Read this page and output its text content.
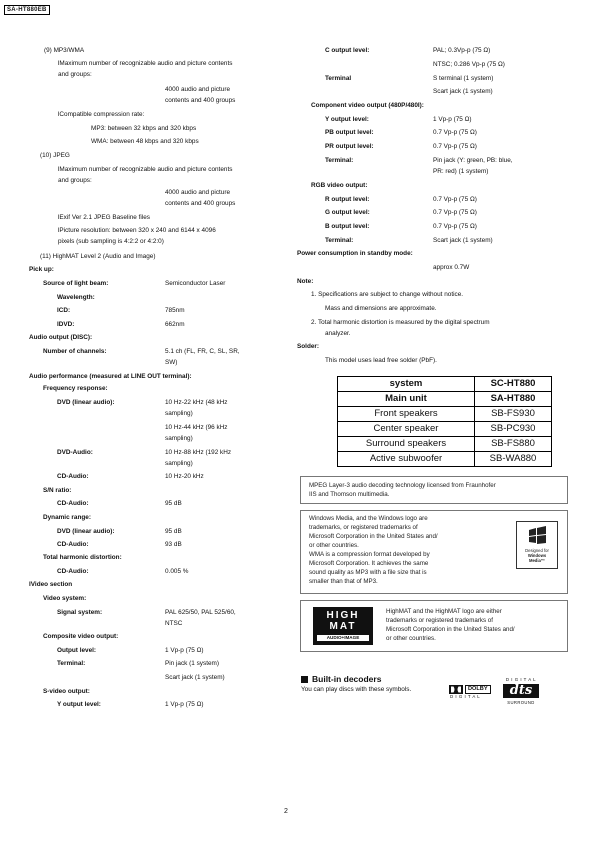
SA-HT880EB
(9) MP3/WMA
lMaximum number of recognizable audio and picture contents
and groups:
4000 audio and picture
contents and 400 groups
lCompatible compression rate:
MP3: between 32 kbps and 320 kbps
WMA: between 48 kbps and 320 kbps
(10) JPEG
lMaximum number of recognizable audio and picture contents
and groups:
4000 audio and picture
contents and 400 groups
lExif Ver 2.1 JPEG Baseline files
lPicture resolution: between 320 x 240 and 6144 x 4096
pixels (sub sampling is 4:2:2 or 4:2:0)
(11) HighMAT Level 2 (Audio and Image)
Pick up:
Source of light beam:	Semiconductor Laser
Wavelength:
lCD:	785nm
lDVD:	662nm
Audio output (DISC):
Number of channels:	5.1 ch (FL, FR, C, SL, SR,
SW)
Audio performance (measured at LINE OUT terminal):
Frequency response:
DVD (linear audio):	10 Hz-22 kHz (48 kHz
sampling)
10 Hz-44 kHz (96 kHz
sampling)
DVD-Audio:	10 Hz-88 kHz (192 kHz
sampling)
CD-Audio:	10 Hz-20 kHz
S/N ratio:
CD-Audio:	95 dB
Dynamic range:
DVD (linear audio):	95 dB
CD-Audio:	93 dB
Total harmonic distortion:
CD-Audio:	0.005 %
lVideo section
Video system:
Signal system:	PAL 625/50, PAL 525/60,
NTSC
Composite video output:
Output level:	1 Vp-p (75 Ω)
Terminal:	Pin jack (1 system)
Scart jack (1 system)
S-video output:
Y output level:	1 Vp-p (75 Ω)
C output level:	PAL; 0.3Vp-p (75 Ω)
NTSC; 0.286 Vp-p (75 Ω)
Terminal	S terminal (1 system)
Scart jack (1 system)
Component video output (480P/480I):
Y output level:	1 Vp-p (75 Ω)
PB output level:	0.7 Vp-p (75 Ω)
PR output level:	0.7 Vp-p (75 Ω)
Terminal:	Pin jack (Y: green, PB: blue,
PR: red) (1 system)
RGB video output:
R output level:	0.7 Vp-p (75 Ω)
G output level:	0.7 Vp-p (75 Ω)
B output level:	0.7 Vp-p (75 Ω)
Terminal:	Scart jack (1 system)
Power consumption in standby mode:
approx 0.7W
Note:
1. Specifications are subject to change without notice.
Mass and dimensions are approximate.
2. Total harmonic distortion is measured by the digital spectrum
analyzer.
Solder:
This model uses lead free solder (PbF).
system	SC-HT880
Main unit	SA-HT880
Front speakers	SB-FS930
Center speaker	SB-PC930
Surround speakers	SB-FS880
Active subwoofer	SB-WA880
MPEG Layer-3 audio decoding technology licensed from Fraunhofer
IIS and Thomson multimedia.
Windows Media, and the Windows logo are
trademarks, or registered trademarks of
Microsoft Corporation in the United States and/
or other countries.
WMA is a compression format developed by
Microsoft Corporation. It achieves the same
sound quality as MP3 with a file size that is
smaller than that of MP3.
Designed for
Windows
Media™
HIGH
MAT
AUDIO+IMAGE
HighMAT and the HighMAT logo are either
trademarks or registered trademarks of
Microsoft Corporation in the United States and/
or other countries.
Built-in decoders
You can play discs with these symbols.	DOLBY
D I G I T A L
D I G I T A L
dts
SURROUND
2
